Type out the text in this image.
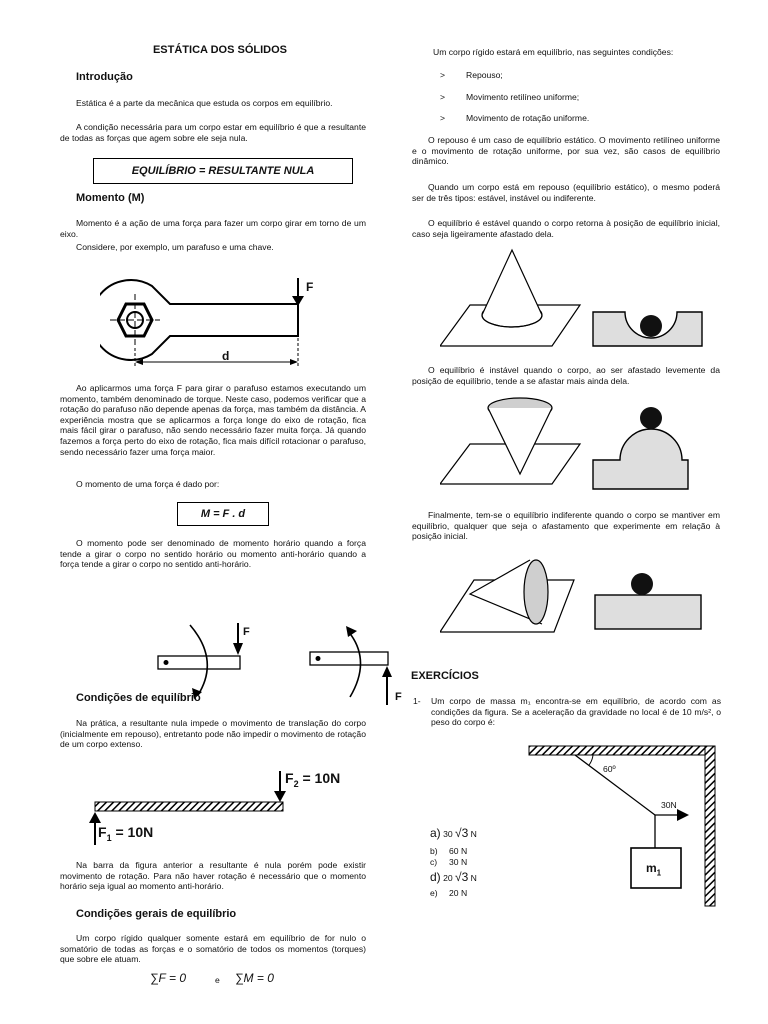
ESTÁTICA DOS SÓLIDOS
Introdução
Estática é a parte da mecânica que estuda os corpos em equilíbrio.
A condição necessária para um corpo estar em equilíbrio é que a resultante de todas as forças que agem sobre ele seja nula.
EQUILÍBRIO = RESULTANTE NULA
Momento (M)
Momento é a ação de uma força para fazer um corpo girar em torno de um eixo.
Considere, por exemplo, um parafuso e uma chave.
F
d
Ao aplicarmos uma força F para girar o parafuso estamos executando um momento, também denominado de torque. Neste caso, podemos verificar que a rotação do parafuso não depende apenas da força, mas também da distância. A experiência mostra que se aplicarmos a força longe do eixo de rotação, fica mais fácil girar o parafuso, não sendo necessário fazer muita força. Já quando fazemos a força perto do eixo de rotação, fica mais difícil rotacionar o parafuso, sendo necessário fazer uma força maior.
O momento de uma força é dado por:
M = F . d
O momento pode ser denominado de momento horário quando a força tende a girar o corpo no sentido horário ou momento anti-horário quando a força tende a girar o corpo no sentido anti-horário.
F
F
Condições de equilíbrio
Na prática, a resultante nula impede o movimento de translação do corpo (inicialmente em repouso), entretanto pode não impedir o movimento de rotação de um corpo extenso.
$F_2 = 10N$
$F_1 = 10N$
Na barra da figura anterior a resultante é nula porém pode existir movimento de rotação. Para não haver rotação é necessário que o momento horário seja igual ao momento anti-horário.
Condições gerais de equilíbrio
Um corpo rígido qualquer somente estará em equilíbrio de for nulo o somatório de todas as forças e o somatório de todos os momentos (torques) que sobre ele atuam.
∑F = 0	e ∑M = 0
Um corpo rígido estará em equilíbrio, nas seguintes condições:
> Repouso;
> Movimento retilíneo uniforme;
> Movimento de rotação uniforme.
O repouso é um caso de equilíbrio estático. O movimento retilíneo uniforme e o movimento de rotação uniforme, por sua vez, são casos de equilíbrio dinâmico.
Quando um corpo está em repouso (equilíbrio estático), o mesmo poderá ser de três tipos: estável, instável ou indiferente.
O equilíbrio é estável quando o corpo retorna à posição de equilíbrio inicial, caso seja ligeiramente afastado dela.
O equilíbrio é instável quando o corpo, ao ser afastado levemente da posição de equilíbrio, tende a se afastar mais ainda dela.
Finalmente, tem-se o equilíbrio indiferente quando o corpo se mantiver em equilíbrio, qualquer que seja o afastamento que experimente em relação à posição inicial.
EXERCÍCIOS
1- Um corpo de massa m₁ encontra-se em equilíbrio, de acordo com as condições da figura. Se a aceleração da gravidade no local é de 10 m/s², o peso do corpo é:
60º
30N
$m_1$
a) 30 √3 N
b) 60 N
c) 30 N
d) 20 √3 N
e) 20 N
